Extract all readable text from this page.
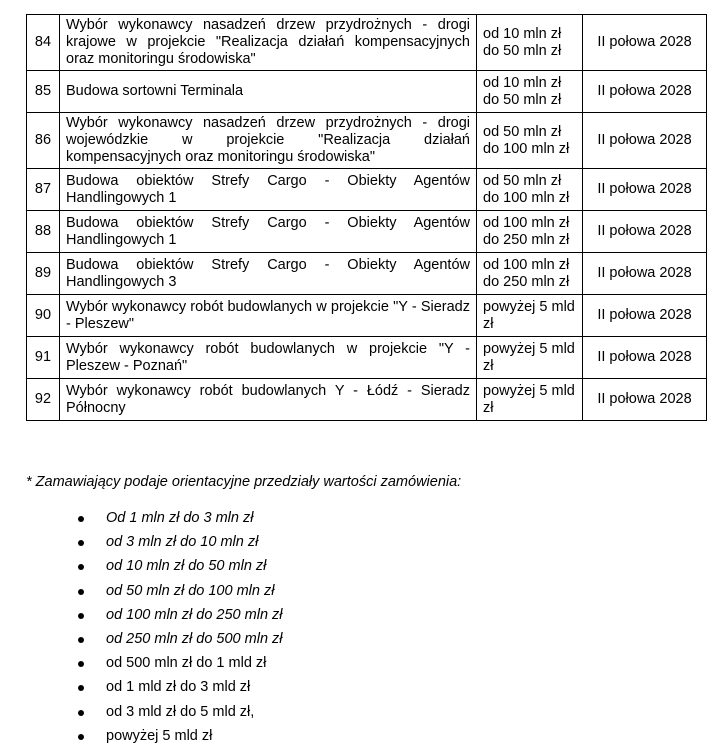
84	Wybór wykonawcy nasadzeń drzew przydrożnych - drogi krajowe w projekcie "Realizacja działań kompensacyjnych oraz monitoringu środowiska"	od 10 mln zł do 50 mln zł	II połowa 2028
85	Budowa sortowni Terminala	od 10 mln zł do 50 mln zł	II połowa 2028
86	Wybór wykonawcy nasadzeń drzew przydrożnych - drogi wojewódzkie w projekcie "Realizacja działań kompensacyjnych oraz monitoringu środowiska"	od 50 mln zł do 100 mln zł	II połowa 2028
87	Budowa obiektów Strefy Cargo - Obiekty Agentów Handlingowych 1	od 50 mln zł do 100 mln zł	II połowa 2028
88	Budowa obiektów Strefy Cargo - Obiekty Agentów Handlingowych 1	od 100 mln zł do 250 mln zł	II połowa 2028
89	Budowa obiektów Strefy Cargo - Obiekty Agentów Handlingowych 3	od 100 mln zł do 250 mln zł	II połowa 2028
90	Wybór wykonawcy robót budowlanych w projekcie "Y - Sieradz - Pleszew"	powyżej 5 mld zł	II połowa 2028
91	Wybór wykonawcy robót budowlanych w projekcie "Y - Pleszew - Poznań"	powyżej 5 mld zł	II połowa 2028
92	Wybór wykonawcy robót budowlanych Y - Łódź - Sieradz Północny	powyżej 5 mld zł	II połowa 2028
* Zamawiający podaje orientacyjne przedziały wartości zamówienia:
Od 1 mln zł do 3 mln zł
od 3 mln zł do 10 mln zł
od 10 mln zł do 50 mln zł
od 50 mln zł do 100 mln zł
od 100 mln zł do 250 mln zł
od 250 mln zł do 500 mln zł
od 500 mln zł do 1 mld zł
od 1 mld zł do 3 mld zł
od 3 mld zł do 5 mld zł,
powyżej 5 mld zł
